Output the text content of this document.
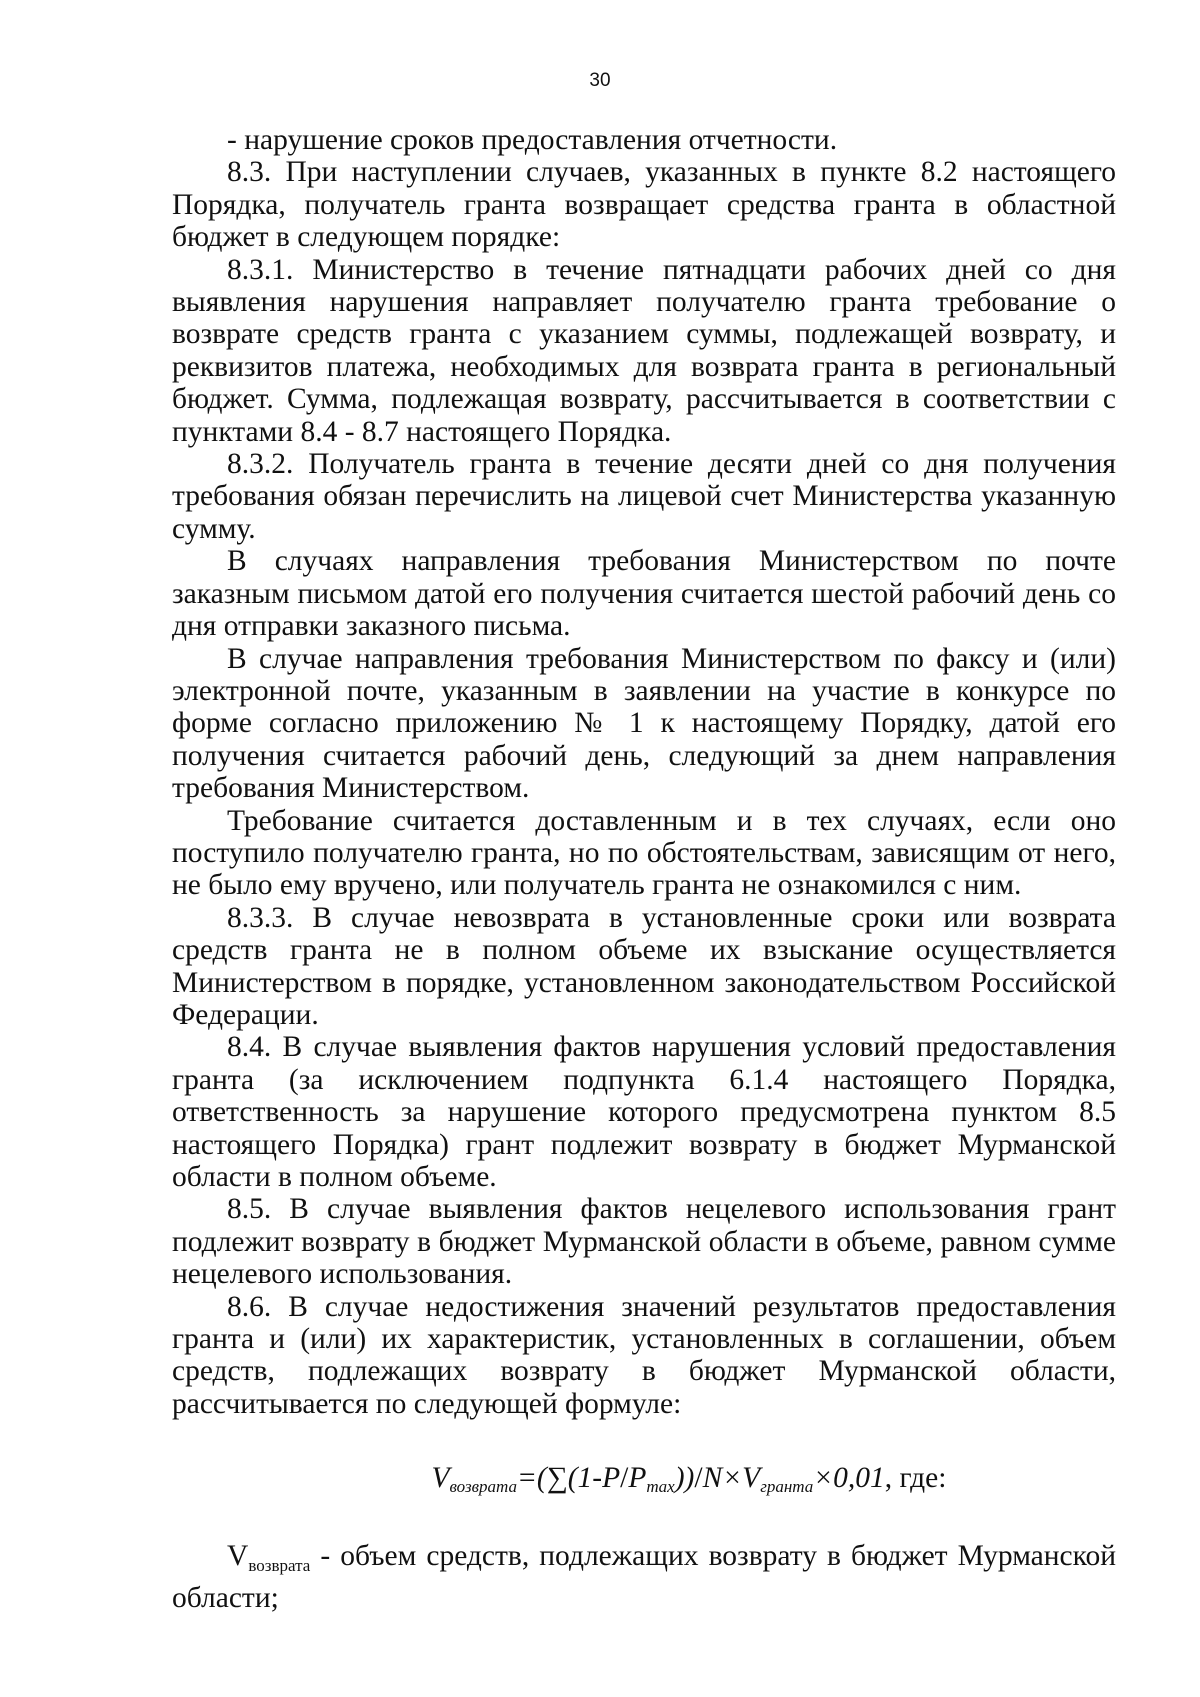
30

- нарушение сроков предоставления отчетности.

8.3. При наступлении случаев, указанных в пункте 8.2 настоящего Порядка, получатель гранта возвращает средства гранта в областной бюджет в следующем порядке:

8.3.1. Министерство в течение пятнадцати рабочих дней со дня выявления нарушения направляет получателю гранта требование о возврате средств гранта с указанием суммы, подлежащей возврату, и реквизитов платежа, необходимых для возврата гранта в региональный бюджет. Сумма, подлежащая возврату, рассчитывается в соответствии с пунктами 8.4 - 8.7 настоящего Порядка.

8.3.2. Получатель гранта в течение десяти дней со дня получения требования обязан перечислить на лицевой счет Министерства указанную сумму.

В случаях направления требования Министерством по почте заказным письмом датой его получения считается шестой рабочий день со дня отправки заказного письма.

В случае направления требования Министерством по факсу и (или) электронной почте, указанным в заявлении на участие в конкурсе по форме согласно приложению № 1 к настоящему Порядку, датой его получения считается рабочий день, следующий за днем направления требования Министерством.

Требование считается доставленным и в тех случаях, если оно поступило получателю гранта, но по обстоятельствам, зависящим от него, не было ему вручено, или получатель гранта не ознакомился с ним.

8.3.3. В случае невозврата в установленные сроки или возврата средств гранта не в полном объеме их взыскание осуществляется Министерством в порядке, установленном законодательством Российской Федерации.

8.4. В случае выявления фактов нарушения условий предоставления гранта (за исключением подпункта 6.1.4 настоящего Порядка, ответственность за нарушение которого предусмотрена пунктом 8.5 настоящего Порядка) грант подлежит возврату в бюджет Мурманской области в полном объеме.

8.5. В случае выявления фактов нецелевого использования грант подлежит возврату в бюджет Мурманской области в объеме, равном сумме нецелевого использования.

8.6. В случае недостижения значений результатов предоставления гранта и (или) их характеристик, установленных в соглашении, объем средств, подлежащих возврату в бюджет Мурманской области, рассчитывается по следующей формуле:

$V_{возврата}=(\sum(1-P/P_{max}))/N\times V_{гранта}\times 0,01$, где:

$V_{возврата}$ - объем средств, подлежащих возврату в бюджет Мурманской области;
